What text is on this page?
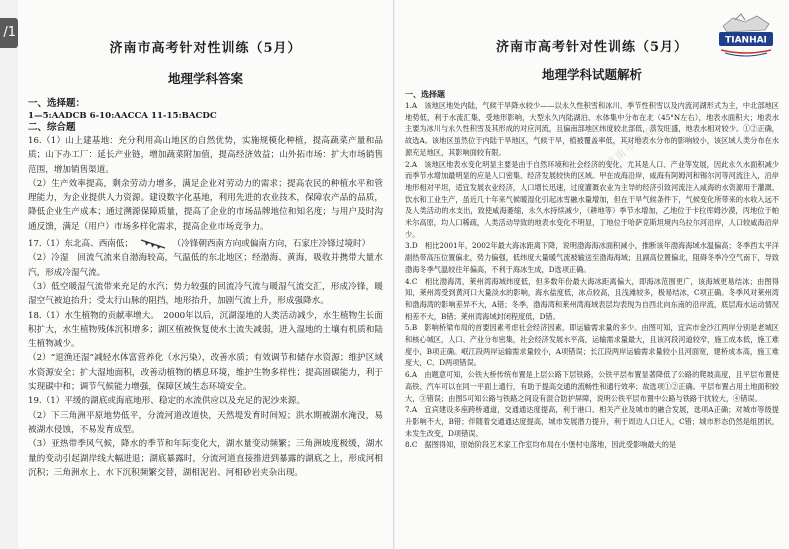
/1
济南市高考针对性训练（5月）
地理学科答案
一、选择题：
1—5:AADCB 6-10:AACCA 11-15:BACDC
二、综合题

16.（1）山上建基地：充分利用高山地区的自然优势，实施规模化种植，提高蔬菜产量和品质；山下办工厂：延长产业链，增加蔬菜附加值，提高经济效益；山外拓市场：扩大市场销售范围，增加销售渠道。

（2）生产效率提高，剩余劳动力增多，满足企业对劳动力的需求；提高农民的种植水平和管理能力，为企业提供人力资源。建设数字化基地，利用先进的农业技术，保障农产品的品质，降低企业生产成本；通过溯源保障质量，提高了企业的市场品牌地位和知名度；与用户及时沟通反馈，满足（用户）市场多样化需求，提高企业市场竞争力。

17.（1）东北高、西南低；	（冷锋朝西南方向或偏南方向，石家庄冷锋过境时）

（2）冷湿　回流气流来自渤海较高，气温低的东北地区；经渤海、黄海，吸收并携带大量水汽，形成冷湿气流。

（3）低空暖湿气流带来充足的水汽；势力较强的回流冷气流与暖湿气流交汇，形成冷锋，暖湿空气被迫抬升；受太行山脉的阻挡，地形抬升，加剧气流上升，形成强降水。

18.（1）水生植物的贡献率增大。　2000年以后，沉湖湿地的人类活动减少，水生植物生长面积扩大，水生植物残体沉积增多；湖区植被恢复使水土流失减弱，进入湿地的土壤有机质和陆生植物减少。

（2）“退渔还湿”减轻水体富营养化（水污染），改善水质；有效调节和储存水资源；维护区域水资源安全；扩大湿地面积，改善动植物的栖息环境，维护生物多样性；提高固碳能力，利于实现碳中和；调节气候能力增强，保障区域生态环境安全。

19.（1）平缓的湖底或海底地形、稳定的水流供应以及充足的泥沙来源。

（2）下三角洲平原地势低平，分流河道改道快，天然堤发育时间短；洪水期被湖水淹没，易被湖水侵蚀，不易发育成型。

（3）亚热带季风气候，降水的季节和年际变化大，湖水量变动频繁；三角洲坡度极缓，湖水量的变动引起湖岸线大幅进退；湖底暴露时，分流河道直接推进到暴露的湖底之上，形成河相沉积；三角洲水上、水下沉积频繁交替，湖相泥岩、河相砂岩夹杂出现。

TIANHAI
济南市教育
济南市高考针对性训练（5月）
地理学科试题解析
一、选择题

1.A　该地区地处内陆，气候干旱降水较少——以永久性积雪和冰川、季节性积雪以及内流河湖形式为主，中北部地区地势低，利于水流汇集，受地形影响，大型永久内陆湖泊、水体集中分布在北（45°N左右），地表水面积大；地表水主要为冰川与永久性积雪及其形成的对应河流，且偏南部地区纬度较北部低，蒸发旺盛，地表水相对较少。①②正确，故选A。该地区虽然位于内陆干旱地区，气候干旱，植被覆盖率低，其对地表水分布的影响较小，该区域人类分布在水源充足地区，其影响面较有限。

2.A　该地区地表水变化明显主要是由于自然环境和社会经济的变化，尤其是人口、产业等发展，因此永久水面积减少而季节水增加最明显的应是人口密集、经济发展较快的区域。甲在成海沿岸，咸海有阿姆河和锡尔河等河流注入，沿岸地形相对平坦，适宜发展农业经济，人口增长迅速，过度灌溉农业为主导的经济引致河流注入咸海的水资源用于灌溉、饮水和工业生产，虽近几十年来气候暖湿化引起冰雪融水量增加，但在干旱气候条件下，气候变化所带来的水收入远不及人类活动的水支出，致使咸海萎缩，永久水持续减少，（耕地等）季节水增加，乙地位于卡拉库姆沙漠，丙地位于帕米尔高原，均人口稀疏，人类活动导致的地表水变化不明显，丁地位于哈萨克斯坦境内乌拉尔河沿岸，人口较咸海沿岸少。

3.D　相比2001年，2002年最大海冰距离下降，说明渤海海冰面积减小，推断该年渤海海域水温偏高；冬季西太平洋副热带高压位置偏北，势力偏强，低纬度大量暖气流被输送至渤海海域；且副高位置偏北，阻碍冬季冷空气南下，导致渤海冬季气温较往年偏高，不利于海冰生成，D选项正确。

4.C　相比渤海湾，莱州湾海域纬度低，但多数年份最大海冰距离偏大，即海冰范围更广，该海域更易结冰；由图得知，莱州湾受到黄河口大量淡水的影响，海水盐度低，冰点较高，且浅滩较多，极易结冰，C项正确。冬季风对莱州湾和渤海湾的影响差异不大，A错；冬季，渤海湾和莱州湾海域表层均表现为自西北向东南的沿岸流，底层海水运动情况相差不大，B错；莱州湾海域封闭程度低，D错。

5.B　影响桥梁布局的首要因素考虑社会经济因素，即运输需求量的多少。由图可知，宜宾市金沙江两岸分别是老城区和核心城区，人口、产业分布密集，社会经济发展水平高，运输需求量最大，且该河段河道较窄，施工成本低，施工难度小，B项正确。岷江段两岸运输需求量较小，A项错误；长江段两岸运输需求量较小且河面宽，建桥成本高，施工难度大，C、D两项错误。

6.A　由题意可知，公铁大桥传统布置是上层公路下层铁路，公铁平层布置显著降低了公路的爬坡高度，且平层布置使高铁、汽车可以在同一平面上通行，有助于提高交通的流畅性和通行效率；故选项①②正确。平层布置占用土地面积较大，③错误；由图5可知公路与铁路之间设有混合防护屏障，说明公铁平层布置中公路与铁路干扰较大，④错误。

7.A　宜宾建设多座跨桥通道，交通通达度提高，利于港口、相关产业及城市的融合发展，选项A正确；对城市等级提升影响不大，B错；伴随着交通通达度提高，城市发展潜力提升，利于周边人口迁入，C错；城市形态仍然是组团状，未发生改变，D项错误。

8.C　据图得知，原始阶段艺术家工作室均布局在小堡村屯落地，因此受影响最大的是
